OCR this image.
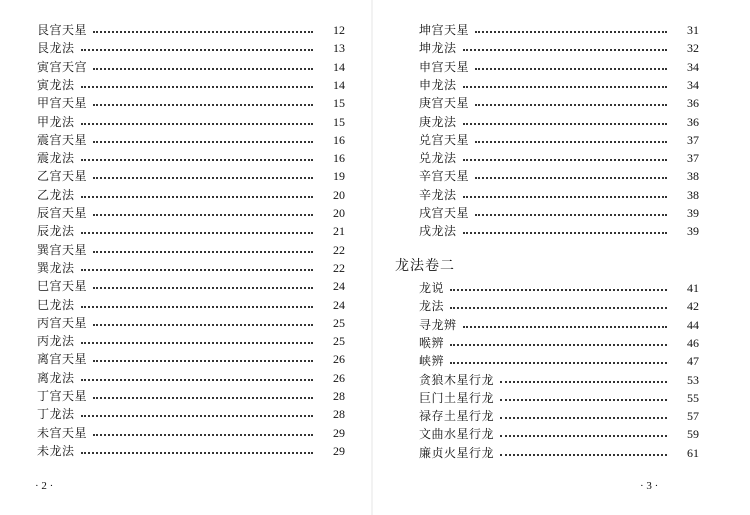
艮宫天星	12
艮龙法	13
寅宫天宫	14
寅龙法	14
甲宫天星	15
甲龙法	15
震宫天星	16
震龙法	16
乙宫天星	19
乙龙法	20
辰宫天星	20
辰龙法	21
巽宫天星	22
巽龙法	22
巳宫天星	24
巳龙法	24
丙宫天星	25
丙龙法	25
离宫天星	26
离龙法	26
丁宫天星	28
丁龙法	28
未宫天星	29
未龙法	29
· 2 ·
坤宫天星	31
坤龙法	32
申宫天星	34
申龙法	34
庚宫天星	36
庚龙法	36
兑宫天星	37
兑龙法	37
辛宫天星	38
辛龙法	38
戌宫天星	39
戌龙法	39
龙法卷二
龙说	41
龙法	42
寻龙辨	44
喉辨	46
峡辨	47
贪狼木星行龙	53
巨门土星行龙	55
禄存土星行龙	57
文曲水星行龙	59
廉贞火星行龙	61
· 3 ·
